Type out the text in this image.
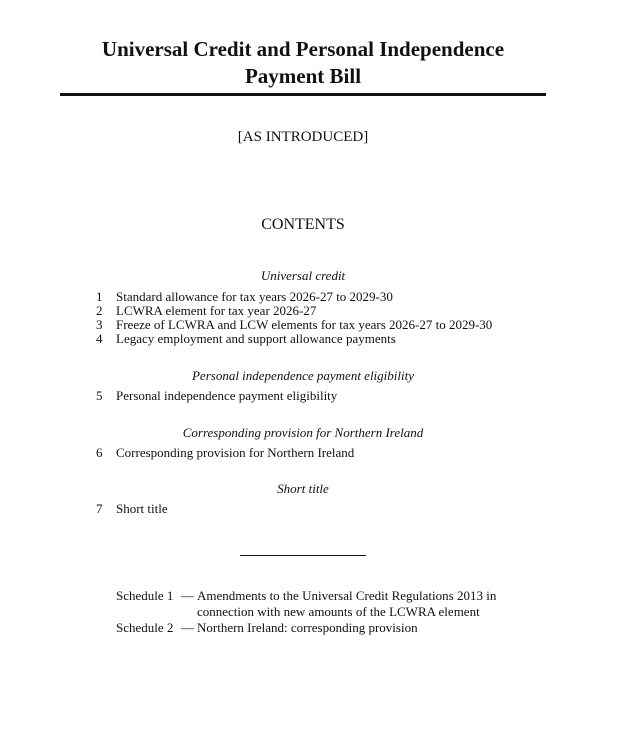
Universal Credit and Personal Independence
Payment Bill
[AS INTRODUCED]
CONTENTS
Universal credit
1	Standard allowance for tax years 2026-27 to 2029-30
2	LCWRA element for tax year 2026-27
3	Freeze of LCWRA and LCW elements for tax years 2026-27 to 2029-30
4	Legacy employment and support allowance payments
Personal independence payment eligibility
5	Personal independence payment eligibility
Corresponding provision for Northern Ireland
6	Corresponding provision for Northern Ireland
Short title
7	Short title
Schedule 1 — Amendments to the Universal Credit Regulations 2013 in
connection with new amounts of the LCWRA element
Schedule 2 — Northern Ireland: corresponding provision
